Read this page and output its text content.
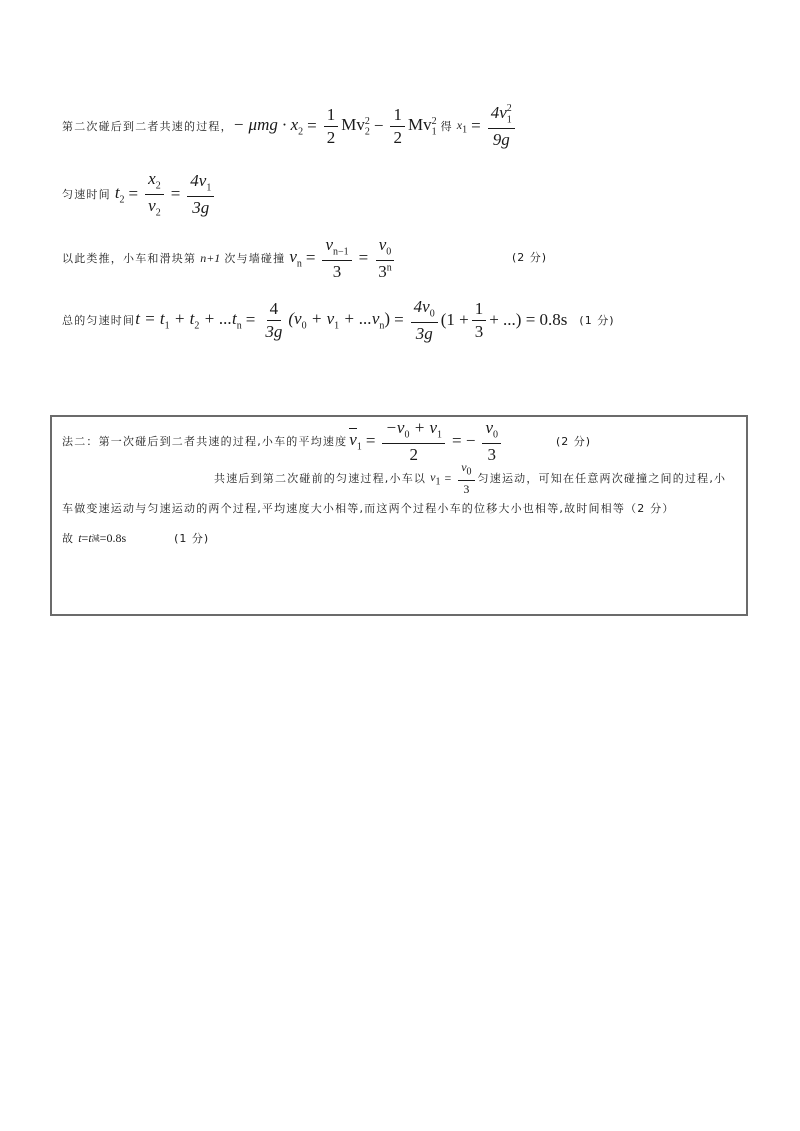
第二次碰后到二者共速的过程， − $\mu mg \cdot x_2 = \frac{1}{2} Mv_2^2 - \frac{1}{2} Mv_1^2$ 得 $x_1 = \frac{4v_1^2}{9g}$
匀速时间 $t_2 = \frac{x_2}{v_2} = \frac{4v_1}{3g}$
以此类推，小车和滑块第 n+1 次与墙碰撞 $v_n = \frac{v_{n-1}}{3} = \frac{v_0}{3^n}$	(2 分)
总的匀速时间 $t = t_1 + t_2 + ...t_n = \frac{4}{3g} (v_0 + v_1 + ...v_n) = \frac{4v_0}{3g} (1 + \frac{1}{3}$ + ...) = 0.8s (1 分)
法二：第一次碰后到二者共速的过程,小车的平均速度 $v_1 = \frac{-v_0 + v_1}{2}$ = − $\frac{v_0}{3}$	(2 分)
共速后到第二次碰前的匀速过程,小车以 $v_1 = \frac{v_0}{3}$ 匀速运动，可知在任意两次碰撞之间的过程,小
车做变速运动与匀速运动的两个过程,平均速度大小相等,而这两个过程小车的位移大小也相等,故时间相等（2 分）
故 t = t 減 =0.8s	(1 分)
